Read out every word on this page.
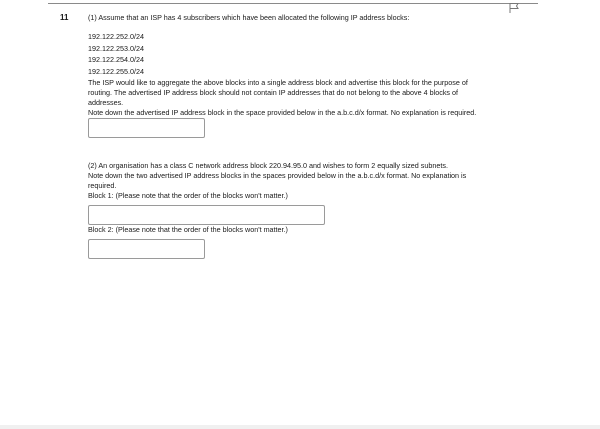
11	(1) Assume that an ISP has 4 subscribers which have been allocated the following IP address blocks:

192.122.252.0/24
192.122.253.0/24
192.122.254.0/24
192.122.255.0/24

The ISP would like to aggregate the above blocks into a single address block and advertise this block for the purpose of routing. The advertised IP address block should not contain IP addresses that do not belong to the above 4 blocks of addresses.

Note down the advertised IP address block in the space provided below in the a.b.c.d/x format. No explanation is required.

(2) An organisation has a class C network address block 220.94.95.0 and wishes to form 2 equally sized subnets.

Note down the two advertised IP address blocks in the spaces provided below in the a.b.c.d/x format. No explanation is required.

Block 1: (Please note that the order of the blocks won't matter.)

Block 2: (Please note that the order of the blocks won't matter.)
